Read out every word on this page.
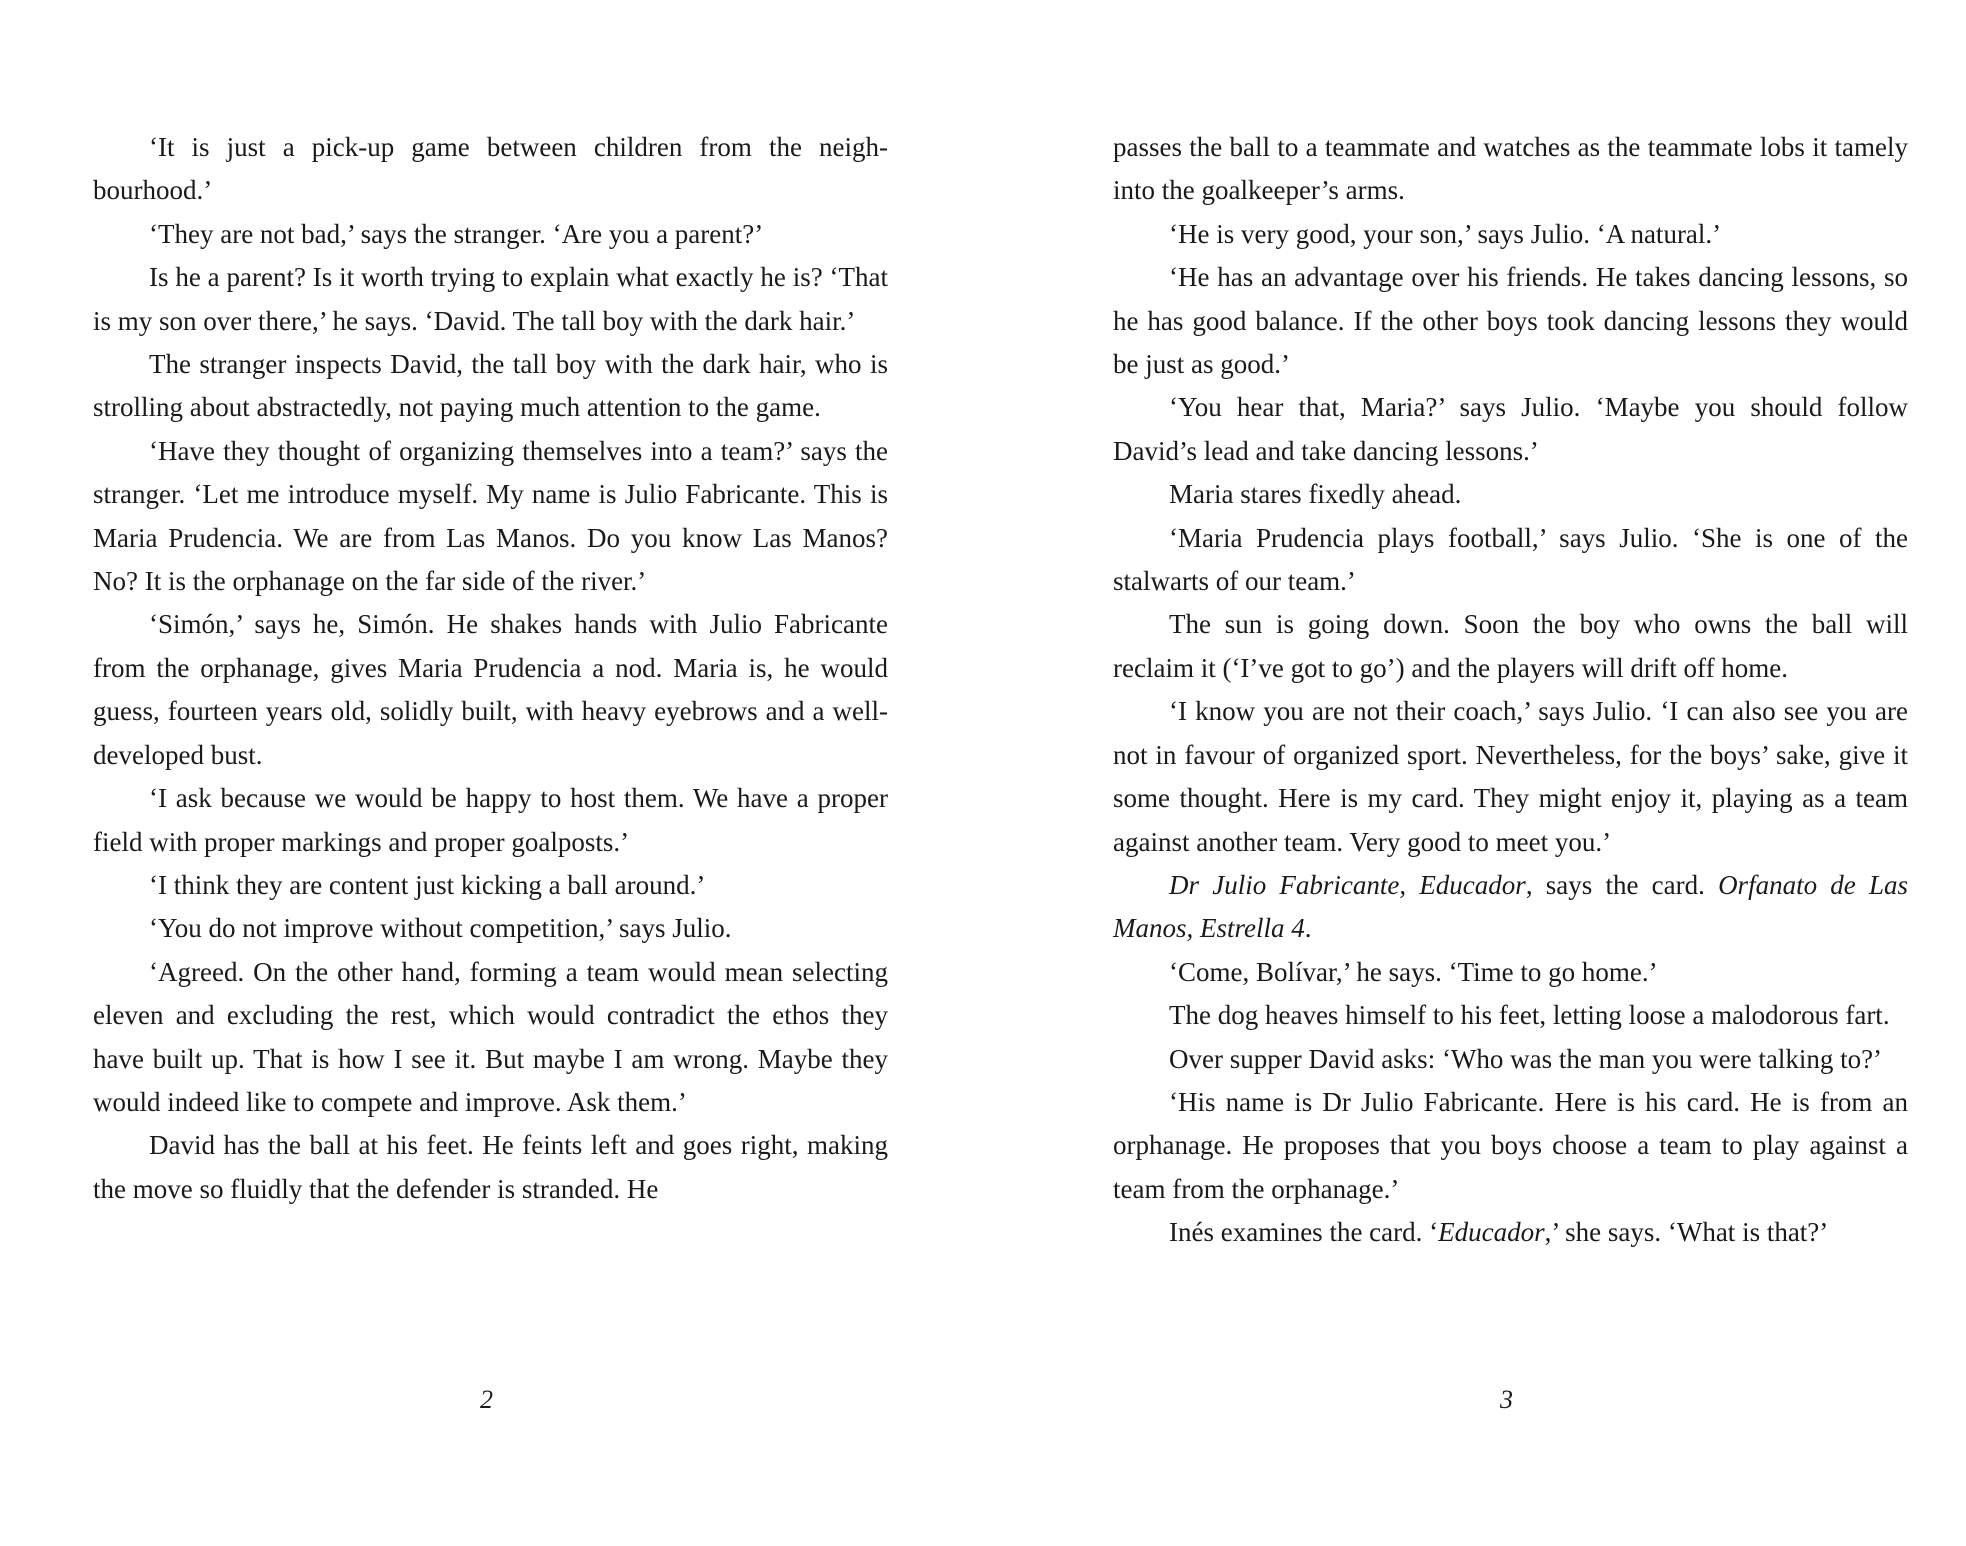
‘It is just a pick-up game between children from the neighbourhood.’

‘They are not bad,’ says the stranger. ‘Are you a parent?’

Is he a parent? Is it worth trying to explain what exactly he is? ‘That is my son over there,’ he says. ‘David. The tall boy with the dark hair.’

The stranger inspects David, the tall boy with the dark hair, who is strolling about abstractedly, not paying much attention to the game.

‘Have they thought of organizing themselves into a team?’ says the stranger. ‘Let me introduce myself. My name is Julio Fabricante. This is Maria Prudencia. We are from Las Manos. Do you know Las Manos? No? It is the orphanage on the far side of the river.’

‘Simón,’ says he, Simón. He shakes hands with Julio Fabricante from the orphanage, gives Maria Prudencia a nod. Maria is, he would guess, fourteen years old, solidly built, with heavy eyebrows and a well-developed bust.

‘I ask because we would be happy to host them. We have a proper field with proper markings and proper goalposts.’

‘I think they are content just kicking a ball around.’

‘You do not improve without competition,’ says Julio.

‘Agreed. On the other hand, forming a team would mean selecting eleven and excluding the rest, which would contradict the ethos they have built up. That is how I see it. But maybe I am wrong. Maybe they would indeed like to compete and improve. Ask them.’

David has the ball at his feet. He feints left and goes right, making the move so fluidly that the defender is stranded. He

2

passes the ball to a teammate and watches as the teammate lobs it tamely into the goalkeeper’s arms.

‘He is very good, your son,’ says Julio. ‘A natural.’

‘He has an advantage over his friends. He takes dancing lessons, so he has good balance. If the other boys took dancing lessons they would be just as good.’

‘You hear that, Maria?’ says Julio. ‘Maybe you should follow David’s lead and take dancing lessons.’

Maria stares fixedly ahead.

‘Maria Prudencia plays football,’ says Julio. ‘She is one of the stalwarts of our team.’

The sun is going down. Soon the boy who owns the ball will reclaim it (‘I’ve got to go’) and the players will drift off home.

‘I know you are not their coach,’ says Julio. ‘I can also see you are not in favour of organized sport. Nevertheless, for the boys’ sake, give it some thought. Here is my card. They might enjoy it, playing as a team against another team. Very good to meet you.’

Dr Julio Fabricante, Educador, says the card. Orfanato de Las Manos, Estrella 4.

‘Come, Bolívar,’ he says. ‘Time to go home.’

The dog heaves himself to his feet, letting loose a malodorous fart.

Over supper David asks: ‘Who was the man you were talking to?’

‘His name is Dr Julio Fabricante. Here is his card. He is from an orphanage. He proposes that you boys choose a team to play against a team from the orphanage.’

Inés examines the card. ‘Educador,’ she says. ‘What is that?’

3
